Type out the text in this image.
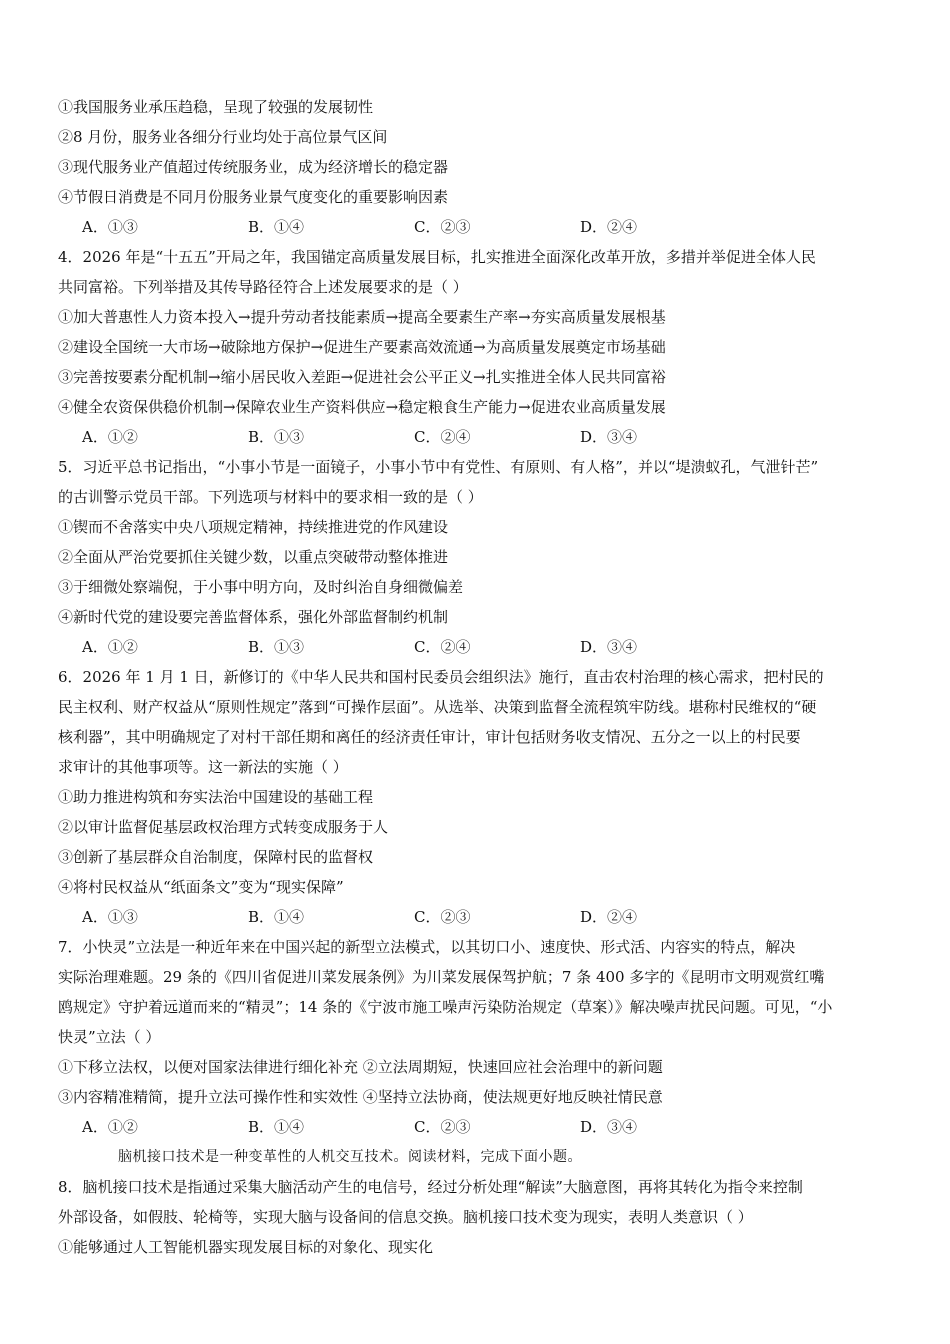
①我国服务业承压趋稳，呈现了较强的发展韧性
②8 月份，服务业各细分行业均处于高位景气区间
③现代服务业产值超过传统服务业，成为经济增长的稳定器
④节假日消费是不同月份服务业景气度变化的重要影响因素
A．①③	B．①④	C．②③	D．②④
4．2026 年是“十五五”开局之年，我国锚定高质量发展目标，扎实推进全面深化改革开放，多措并举促进全体人民
共同富裕。下列举措及其传导路径符合上述发展要求的是（ ）
①加大普惠性人力资本投入→提升劳动者技能素质→提高全要素生产率→夯实高质量发展根基
②建设全国统一大市场→破除地方保护→促进生产要素高效流通→为高质量发展奠定市场基础
③完善按要素分配机制→缩小居民收入差距→促进社会公平正义→扎实推进全体人民共同富裕
④健全农资保供稳价机制→保障农业生产资料供应→稳定粮食生产能力→促进农业高质量发展
A．①②	B．①③	C．②④	D．③④
5．习近平总书记指出，“小事小节是一面镜子，小事小节中有党性、有原则、有人格”，并以“堤溃蚁孔，气泄针芒”
的古训警示党员干部。下列选项与材料中的要求相一致的是（ ）
①锲而不舍落实中央八项规定精神，持续推进党的作风建设
②全面从严治党要抓住关键少数，以重点突破带动整体推进
③于细微处察端倪，于小事中明方向，及时纠治自身细微偏差
④新时代党的建设要完善监督体系，强化外部监督制约机制
A．①②	B．①③	C．②④	D．③④
6．2026 年 1 月 1 日，新修订的《中华人民共和国村民委员会组织法》施行，直击农村治理的核心需求，把村民的
民主权利、财产权益从“原则性规定”落到“可操作层面”。从选举、决策到监督全流程筑牢防线。堪称村民维权的“硬
核利器”，其中明确规定了对村干部任期和离任的经济责任审计，审计包括财务收支情况、五分之一以上的村民要
求审计的其他事项等。这一新法的实施（ ）
①助力推进构筑和夯实法治中国建设的基础工程
②以审计监督促基层政权治理方式转变成服务于人
③创新了基层群众自治制度，保障村民的监督权
④将村民权益从“纸面条文”变为“现实保障”
A．①③	B．①④	C．②③	D．②④
7．小快灵”立法是一种近年来在中国兴起的新型立法模式，以其切口小、速度快、形式活、内容实的特点，解决
实际治理难题。29 条的《四川省促进川菜发展条例》为川菜发展保驾护航；7 条 400 多字的《昆明市文明观赏红嘴
鸥规定》守护着远道而来的“精灵”；14 条的《宁波市施工噪声污染防治规定（草案）》解决噪声扰民问题。可见，“小
快灵”立法（ ）
①下移立法权，以便对国家法律进行细化补充 ②立法周期短，快速回应社会治理中的新问题
③内容精准精简，提升立法可操作性和实效性 ④坚持立法协商，使法规更好地反映社情民意
A．①②	B．①④	C．②③	D．③④
脑机接口技术是一种变革性的人机交互技术。阅读材料，完成下面小题。
8．脑机接口技术是指通过采集大脑活动产生的电信号，经过分析处理“解读”大脑意图，再将其转化为指令来控制
外部设备，如假肢、轮椅等，实现大脑与设备间的信息交换。脑机接口技术变为现实，表明人类意识（ ）
①能够通过人工智能机器实现发展目标的对象化、现实化
